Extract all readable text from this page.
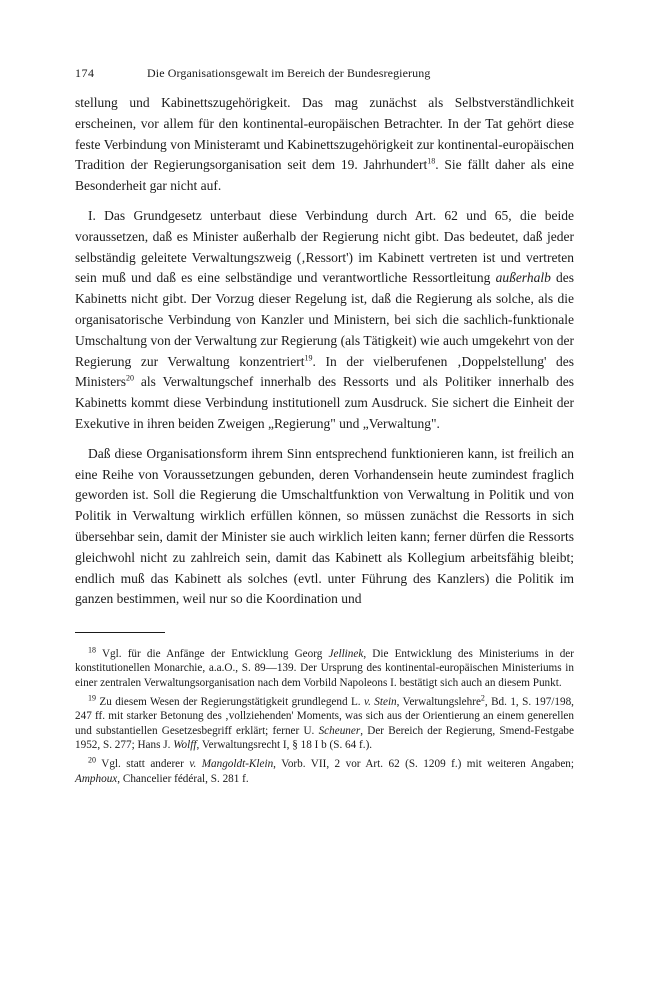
174	Die Organisationsgewalt im Bereich der Bundesregierung

stellung und Kabinettszugehörigkeit. Das mag zunächst als Selbstverständlichkeit erscheinen, vor allem für den kontinental-europäischen Betrachter. In der Tat gehört diese feste Verbindung von Ministeramt und Kabinettszugehörigkeit zur kontinental-europäischen Tradition der Regierungsorganisation seit dem 19. Jahrhundert$^{18}$. Sie fällt daher als eine Besonderheit gar nicht auf.

I. Das Grundgesetz unterbaut diese Verbindung durch Art. 62 und 65, die beide voraussetzen, daß es Minister außerhalb der Regierung nicht gibt. Das bedeutet, daß jeder selbständig geleitete Verwaltungszweig (‚Ressort') im Kabinett vertreten ist und vertreten sein muß und daß es eine selbständige und verantwortliche Ressortleitung außerhalb des Kabinetts nicht gibt. Der Vorzug dieser Regelung ist, daß die Regierung als solche, als die organisatorische Verbindung von Kanzler und Ministern, bei sich die sachlich-funktionale Umschaltung von der Verwaltung zur Regierung (als Tätigkeit) wie auch umgekehrt von der Regierung zur Verwaltung konzentriert$^{19}$. In der vielberufenen ‚Doppelstellung' des Ministers$^{20}$ als Verwaltungschef innerhalb des Ressorts und als Politiker innerhalb des Kabinetts kommt diese Verbindung institutionell zum Ausdruck. Sie sichert die Einheit der Exekutive in ihren beiden Zweigen „Regierung" und „Verwaltung".

Daß diese Organisationsform ihrem Sinn entsprechend funktionieren kann, ist freilich an eine Reihe von Voraussetzungen gebunden, deren Vorhandensein heute zumindest fraglich geworden ist. Soll die Regierung die Umschaltfunktion von Verwaltung in Politik und von Politik in Verwaltung wirklich erfüllen können, so müssen zunächst die Ressorts in sich übersehbar sein, damit der Minister sie auch wirklich leiten kann; ferner dürfen die Ressorts gleichwohl nicht zu zahlreich sein, damit das Kabinett als Kollegium arbeitsfähig bleibt; endlich muß das Kabinett als solches (evtl. unter Führung des Kanzlers) die Politik im ganzen bestimmen, weil nur so die Koordination und

$^{18}$ Vgl. für die Anfänge der Entwicklung Georg Jellinek, Die Entwicklung des Ministeriums in der konstitutionellen Monarchie, a.a.O., S. 89—139. Der Ursprung des kontinental-europäischen Ministeriums in einer zentralen Verwaltungsorganisation nach dem Vorbild Napoleons I. bestätigt sich auch an diesem Punkt.

$^{19}$ Zu diesem Wesen der Regierungstätigkeit grundlegend L. v. Stein, Verwaltungslehre$^2$, Bd. 1, S. 197/198, 247 ff. mit starker Betonung des ‚vollziehenden' Moments, was sich aus der Orientierung an einem generellen und substantiellen Gesetzesbegriff erklärt; ferner U. Scheuner, Der Bereich der Regierung, Smend-Festgabe 1952, S. 277; Hans J. Wolff, Verwaltungsrecht I, § 18 I b (S. 64 f.).

$^{20}$ Vgl. statt anderer v. Mangoldt-Klein, Vorb. VII, 2 vor Art. 62 (S. 1209 f.) mit weiteren Angaben; Amphoux, Chancelier fédéral, S. 281 f.
